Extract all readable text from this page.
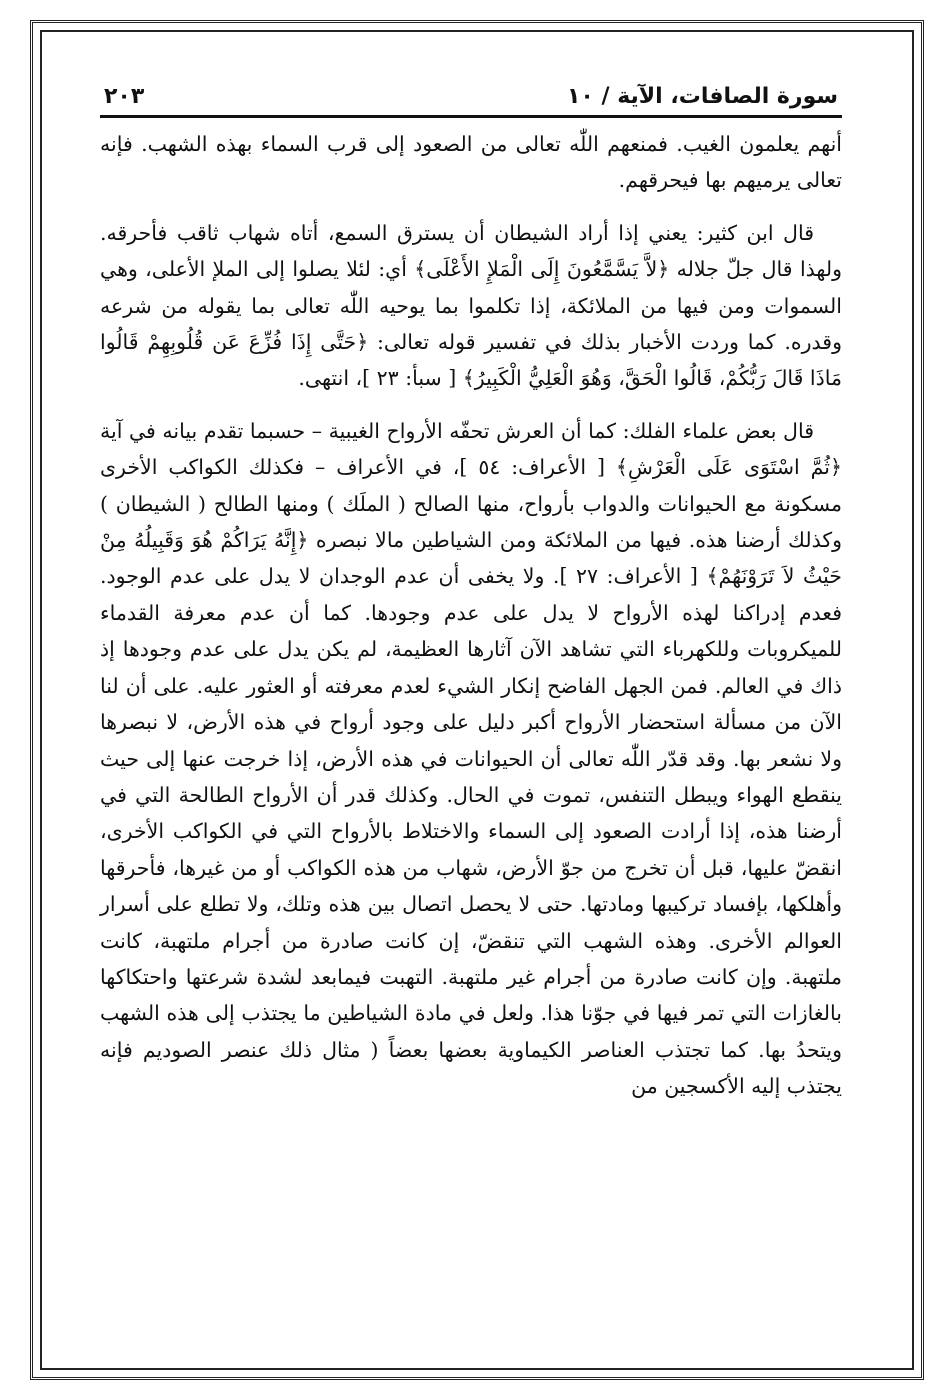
سورة الصافات، الآية / ١٠
٢٠٣

أنهم يعلمون الغيب. فمنعهم اللّٰه تعالى من الصعود إلى قرب السماء بهذه الشهب. فإنه تعالى يرميهم بها فيحرقهم.

قال ابن كثير: يعني إذا أراد الشيطان أن يسترق السمع، أتاه شهاب ثاقب فأحرقه. ولهذا قال جلّ جلاله ﴿لاَّ يَسَّمَّعُونَ إِلَى الْمَلإِ الأَعْلَى﴾ أي: لئلا يصلوا إلى الملإ الأعلى، وهي السموات ومن فيها من الملائكة، إذا تكلموا بما يوحيه اللّٰه تعالى بما يقوله من شرعه وقدره. كما وردت الأخبار بذلك في تفسير قوله تعالى: ﴿حَتَّى إِذَا فُزِّعَ عَن قُلُوبِهِمْ قَالُوا مَاذَا قَالَ رَبُّكُمْ، قَالُوا الْحَقَّ، وَهُوَ الْعَلِيُّ الْكَبِيرُ﴾ [ سبأ: ٢٣ ]، انتهى.

قال بعض علماء الفلك: كما أن العرش تحفّه الأرواح الغيبية – حسبما تقدم بيانه في آية ﴿ثُمَّ اسْتَوَى عَلَى الْعَرْشِ﴾ [ الأعراف: ٥٤ ]، في الأعراف – فكذلك الكواكب الأخرى مسكونة مع الحيوانات والدواب بأرواح، منها الصالح ( الملَك ) ومنها الطالح ( الشيطان ) وكذلك أرضنا هذه. فيها من الملائكة ومن الشياطين مالا نبصره ﴿إِنَّهُ يَرَاكُمْ هُوَ وَقَبِيلُهُ مِنْ حَيْثُ لاَ تَرَوْنَهُمْ﴾ [ الأعراف: ٢٧ ]. ولا يخفى أن عدم الوجدان لا يدل على عدم الوجود. فعدم إدراكنا لهذه الأرواح لا يدل على عدم وجودها. كما أن عدم معرفة القدماء للميكروبات وللكهرباء التي تشاهد الآن آثارها العظيمة، لم يكن يدل على عدم وجودها إذ ذاك في العالم. فمن الجهل الفاضح إنكار الشيء لعدم معرفته أو العثور عليه. على أن لنا الآن من مسألة استحضار الأرواح أكبر دليل على وجود أرواح في هذه الأرض، لا نبصرها ولا نشعر بها. وقد قدّر اللّٰه تعالى أن الحيوانات في هذه الأرض، إذا خرجت عنها إلى حيث ينقطع الهواء ويبطل التنفس، تموت في الحال. وكذلك قدر أن الأرواح الطالحة التي في أرضنا هذه، إذا أرادت الصعود إلى السماء والاختلاط بالأرواح التي في الكواكب الأخرى، انقضّ عليها، قبل أن تخرج من جوّ الأرض، شهاب من هذه الكواكب أو من غيرها، فأحرقها وأهلكها، بإفساد تركيبها ومادتها. حتى لا يحصل اتصال بين هذه وتلك، ولا تطلع على أسرار العوالم الأخرى. وهذه الشهب التي تنقضّ، إن كانت صادرة من أجرام ملتهبة، كانت ملتهبة. وإن كانت صادرة من أجرام غير ملتهبة. التهبت فيمابعد لشدة شرعتها واحتكاكها بالغازات التي تمر فيها في جوّنا هذا. ولعل في مادة الشياطين ما يجتذب إلى هذه الشهب ويتحدُ بها. كما تجتذب العناصر الكيماوية بعضها بعضاً ( مثال ذلك عنصر الصوديم فإنه يجتذب إليه الأكسجين من
